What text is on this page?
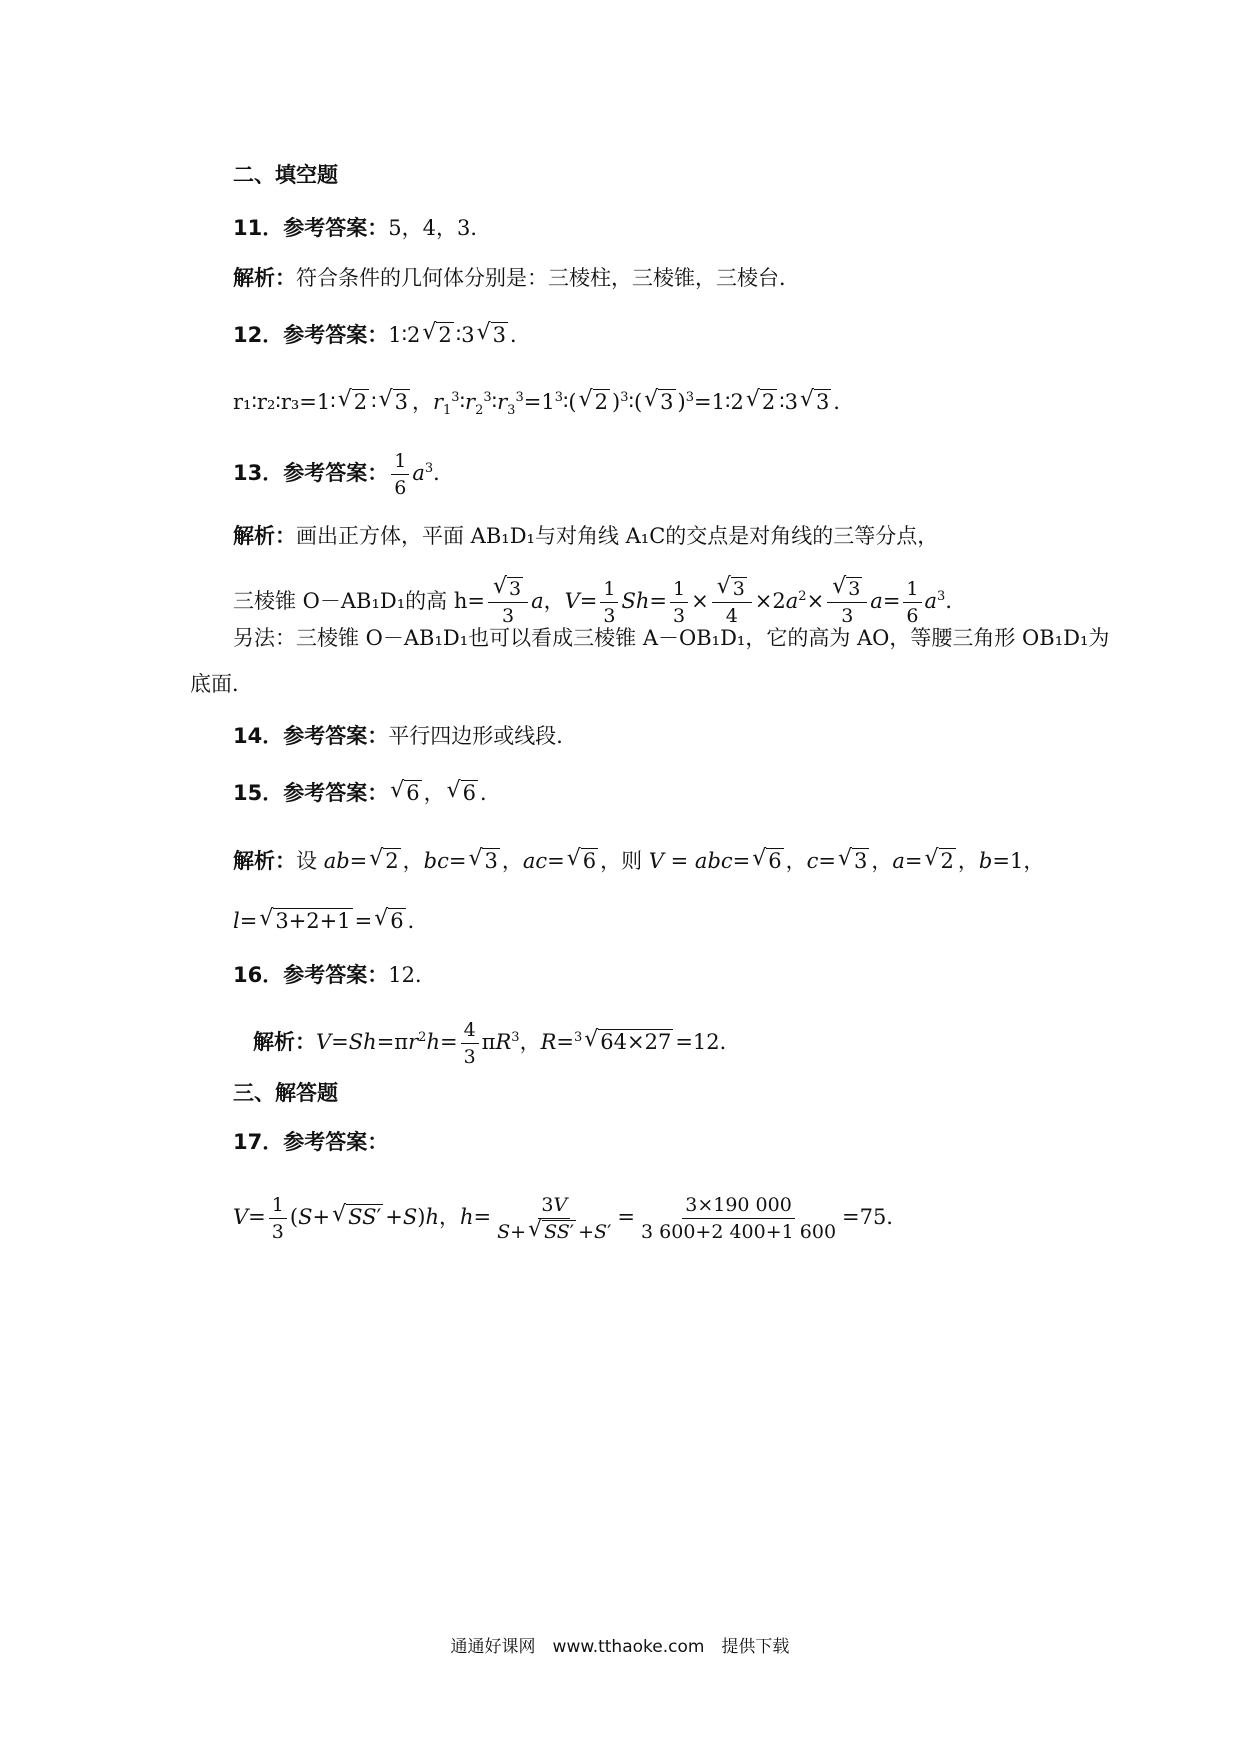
二、填空题
11．参考答案：5，4，3．
解析：符合条件的几何体分别是：三棱柱，三棱锥，三棱台．
12．参考答案：1∶2√ 2 ∶3√ 3 ．
r₁∶r₂∶r₃=1∶√ 2 ∶√ 3 ，$r_1^3∶r_2^3∶r_3^3=1^3∶(√$ 2 )$^3$∶(√ 3 )$^3$=1∶2√ 2 ∶3√ 3 ．
13．参考答案： $\frac{1}{6} a^3$．
解析：画出正方体，平面 AB₁D₁与对角线 A₁C的交点是对角线的三等分点，
三棱锥 O－AB₁D₁的高 h=
√ $\frac{3}{3}$ a，$V= \frac{1}{3} Sh= \frac{1}{3}$ ×
√ $\frac{3}{4} \times 2a^2\times$
√ $\frac{3}{3} a= \frac{1}{6} a^3$．
另法：三棱锥 O－AB₁D₁也可以看成三棱锥 A－OB₁D₁，它的高为 AO，等腰三角形 OB₁D₁为
底面．
14．参考答案：平行四边形或线段．
15．参考答案：√ 6 ，√ 6 ．
解析：设 ab=√ 2 ，bc=√ 3 ，ac=√ 6 ，则 V = abc=√ 6 ，c=√ 3 ，a=√ 2 ，b=1，
l=√ 3+2+1 =√ 6 ．
16．参考答案：12．
解析：$V=Sh=\pi r^2h= \frac{4}{3} \pi R^3$，R=$^3$√ 64×27 =12．
三、解答题
17．参考答案：
$V= \frac{1}{3} (S+√$ SS′ +S)h，$h= \frac{3V}{S+√ SS' +S'} = \frac{3\times 190 000}{3 600+2 400+1 600} =75$．
通通好课网　www.tthaoke.com　提供下载
